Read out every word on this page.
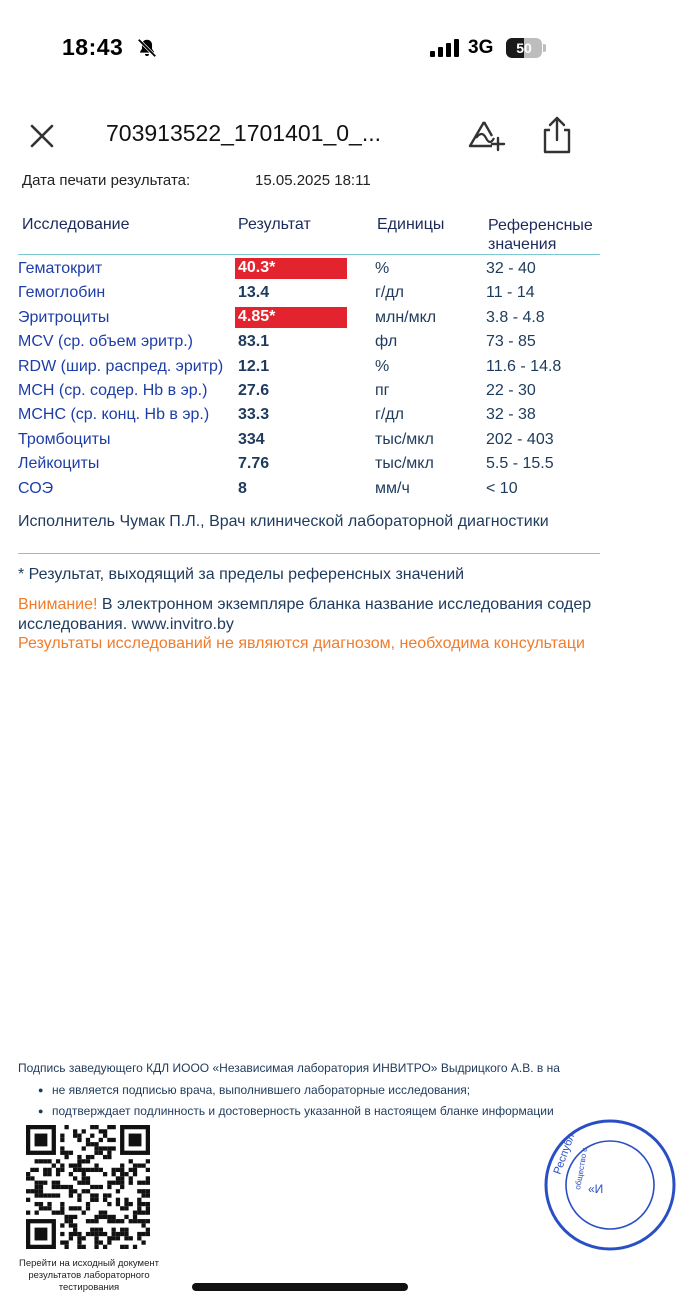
18:43	3G	50
703913522_1701401_0_...
Дата печати результата:	15.05.2025 18:11
Исследование	Результат	Единицы	Референсные
значения
Гематокрит	40.3*	%	32 - 40
Гемоглобин	13.4	г/дл	11 - 14
Эритроциты	4.85*	млн/мкл	3.8 - 4.8
MCV (ср. объем эритр.)	83.1	фл	73 - 85
RDW (шир. распред. эритр) 12.1	%	11.6 - 14.8
MCH (ср. содер. Hb в эр.) 27.6	пг	22 - 30
MCHC (ср. конц. Hb в эр.) 33.3	г/дл	32 - 38
Тромбоциты	334	тыс/мкл	202 - 403
Лейкоциты	7.76	тыс/мкл	5.5 - 15.5
СОЭ	8	мм/ч	< 10
Исполнитель Чумак П.Л., Врач клинической лабораторной диагностики
* Результат, выходящий за пределы референсных значений
Внимание! В электронном экземпляре бланка название исследования содер
исследования. www.invitro.by
Результаты исследований не являются диагнозом, необходима консультаци
Подпись заведующего КДЛ ИООО «Независимая лаборатория ИНВИТРО» Выдрицкого А.В. в на
● не является подписью врача, выполнившего лабораторные исследования;
● подтверждает подлинность и достоверность указанной в настоящем бланке информации
Перейти на исходный документ результатов лабораторного тестирования
Республ
общество с
«И
